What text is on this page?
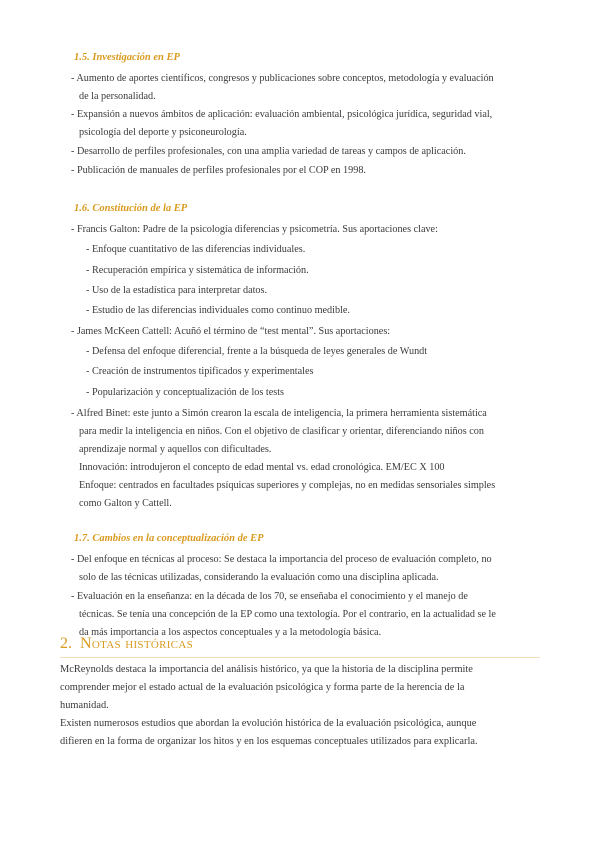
1.5. Investigación en EP
- Aumento de aportes científicos, congresos y publicaciones sobre conceptos, metodología y evaluación
de la personalidad.
- Expansión a nuevos ámbitos de aplicación: evaluación ambiental, psicológica jurídica, seguridad vial,
psicología del deporte y psiconeurología.
- Desarrollo de perfiles profesionales, con una amplia variedad de tareas y campos de aplicación.
- Publicación de manuales de perfiles profesionales por el COP en 1998.
1.6. Constitución de la EP
- Francis Galton: Padre de la psicología diferencias y psicometría. Sus aportaciones clave:
- Enfoque cuantitativo de las diferencias individuales.
- Recuperación empírica y sistemática de información.
- Uso de la estadística para interpretar datos.
- Estudio de las diferencias individuales como continuo medible.
- James McKeen Cattell: Acuñó el término de “test mental”. Sus aportaciones:
- Defensa del enfoque diferencial, frente a la búsqueda de leyes generales de Wundt
- Creación de instrumentos tipificados y experimentales
- Popularización y conceptualización de los tests
- Alfred Binet: este junto a Simón crearon la escala de inteligencia, la primera herramienta sistemática
para medir la inteligencia en niños. Con el objetivo de clasificar y orientar, diferenciando niños con
aprendizaje normal y aquellos con dificultades.
Innovación: introdujeron el concepto de edad mental vs. edad cronológica. EM/EC X 100
Enfoque: centrados en facultades psíquicas superiores y complejas, no en medidas sensoriales simples
como Galton y Cattell.
1.7. Cambios en la conceptualización de EP
- Del enfoque en técnicas al proceso: Se destaca la importancia del proceso de evaluación completo, no
solo de las técnicas utilizadas, considerando la evaluación como una disciplina aplicada.
- Evaluación en la enseñanza: en la década de los 70, se enseñaba el conocimiento y el manejo de
técnicas. Se tenía una concepción de la EP como una textología. Por el contrario, en la actualidad se le
da más importancia a los aspectos conceptuales y a la metodología básica.
2. Notas históricas
McReynolds destaca la importancia del análisis histórico, ya que la historia de la disciplina permite
comprender mejor el estado actual de la evaluación psicológica y forma parte de la herencia de la
humanidad.
Existen numerosos estudios que abordan la evolución histórica de la evaluación psicológica, aunque
difieren en la forma de organizar los hitos y en los esquemas conceptuales utilizados para explicarla.
